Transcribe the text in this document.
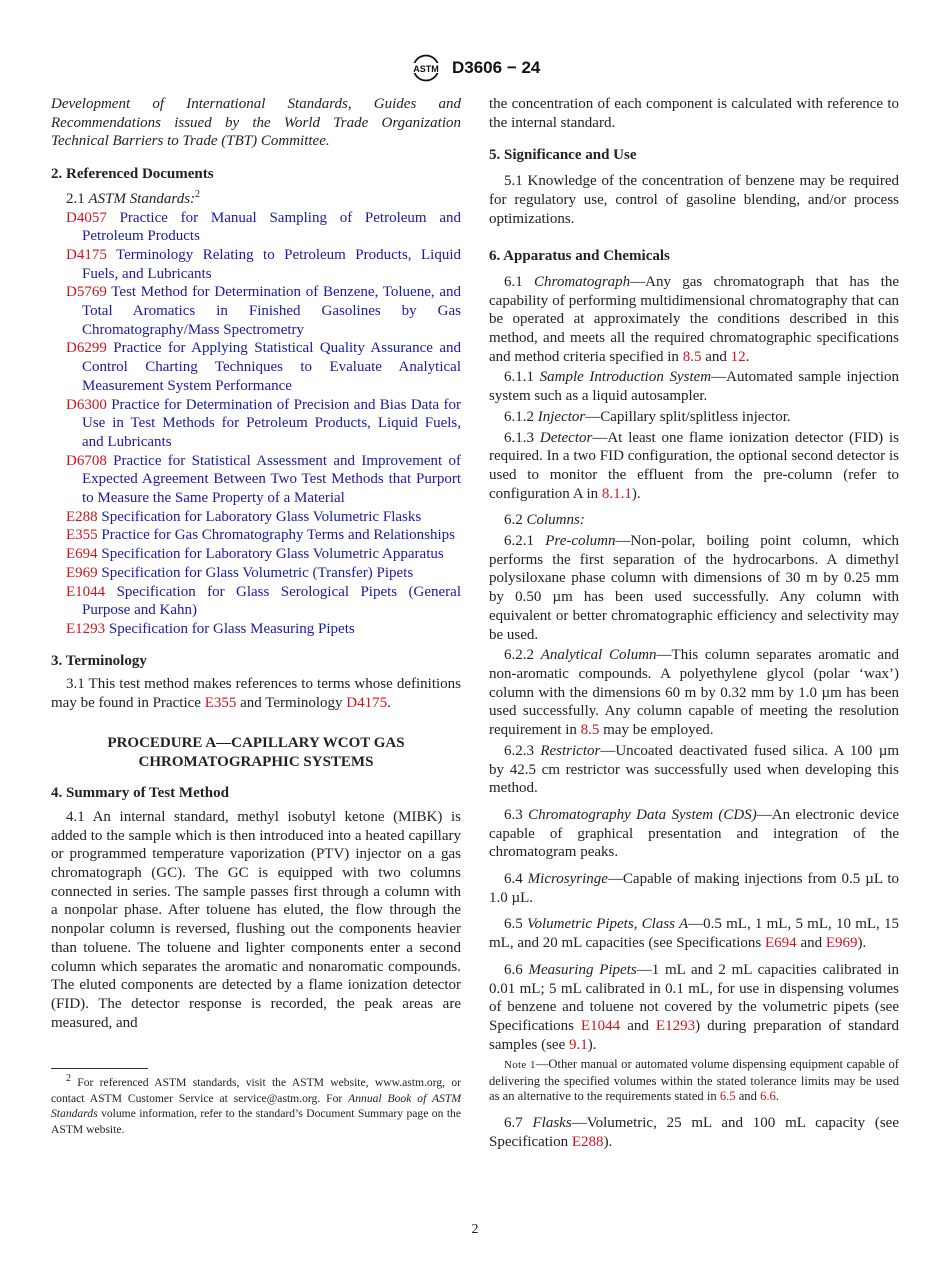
ASTM D3606 − 24

Development of International Standards, Guides and Recommendations issued by the World Trade Organization Technical Barriers to Trade (TBT) Committee.

2. Referenced Documents

2.1 ASTM Standards:$^2$

D4057 Practice for Manual Sampling of Petroleum and Petroleum Products

D4175 Terminology Relating to Petroleum Products, Liquid Fuels, and Lubricants

D5769 Test Method for Determination of Benzene, Toluene, and Total Aromatics in Finished Gasolines by Gas Chromatography/Mass Spectrometry

D6299 Practice for Applying Statistical Quality Assurance and Control Charting Techniques to Evaluate Analytical Measurement System Performance

D6300 Practice for Determination of Precision and Bias Data for Use in Test Methods for Petroleum Products, Liquid Fuels, and Lubricants

D6708 Practice for Statistical Assessment and Improvement of Expected Agreement Between Two Test Methods that Purport to Measure the Same Property of a Material

E288 Specification for Laboratory Glass Volumetric Flasks

E355 Practice for Gas Chromatography Terms and Relationships

E694 Specification for Laboratory Glass Volumetric Apparatus

E969 Specification for Glass Volumetric (Transfer) Pipets

E1044 Specification for Glass Serological Pipets (General Purpose and Kahn)

E1293 Specification for Glass Measuring Pipets

3. Terminology

3.1 This test method makes references to terms whose definitions may be found in Practice E355 and Terminology D4175.

PROCEDURE A—CAPILLARY WCOT GAS

CHROMATOGRAPHIC SYSTEMS

4. Summary of Test Method

4.1 An internal standard, methyl isobutyl ketone (MIBK) is added to the sample which is then introduced into a heated capillary or programmed temperature vaporization (PTV) injector on a gas chromatograph (GC). The GC is equipped with two columns connected in series. The sample passes first through a column with a nonpolar phase. After toluene has eluted, the flow through the nonpolar column is reversed, flushing out the components heavier than toluene. The toluene and lighter components enter a second column which separates the aromatic and nonaromatic compounds. The eluted components are detected by a flame ionization detector (FID). The detector response is recorded, the peak areas are measured, and

$^2$ For referenced ASTM standards, visit the ASTM website, www.astm.org, or contact ASTM Customer Service at service@astm.org. For Annual Book of ASTM Standards volume information, refer to the standard’s Document Summary page on the ASTM website.

the concentration of each component is calculated with reference to the internal standard.

5. Significance and Use

5.1 Knowledge of the concentration of benzene may be required for regulatory use, control of gasoline blending, and/or process optimizations.

6. Apparatus and Chemicals

6.1 Chromatograph—Any gas chromatograph that has the capability of performing multidimensional chromatography that can be operated at approximately the conditions described in this method, and meets all the required chromatographic specifications and method criteria specified in 8.5 and 12.

6.1.1 Sample Introduction System—Automated sample injection system such as a liquid autosampler.

6.1.2 Injector—Capillary split/splitless injector.

6.1.3 Detector—At least one flame ionization detector (FID) is required. In a two FID configuration, the optional second detector is used to monitor the effluent from the pre-column (refer to configuration A in 8.1.1).

6.2 Columns:

6.2.1 Pre-column—Non-polar, boiling point column, which performs the first separation of the hydrocarbons. A dimethyl polysiloxane phase column with dimensions of 30 m by 0.25 mm by 0.50 µm has been used successfully. Any column with equivalent or better chromatographic efficiency and selectivity may be used.

6.2.2 Analytical Column—This column separates aromatic and non-aromatic compounds. A polyethylene glycol (polar ‘wax’) column with the dimensions 60 m by 0.32 mm by 1.0 µm has been used successfully. Any column capable of meeting the resolution requirement in 8.5 may be employed.

6.2.3 Restrictor—Uncoated deactivated fused silica. A 100 µm by 42.5 cm restrictor was successfully used when developing this method.

6.3 Chromatography Data System (CDS)—An electronic device capable of graphical presentation and integration of the chromatogram peaks.

6.4 Microsyringe—Capable of making injections from 0.5 µL to 1.0 µL.

6.5 Volumetric Pipets, Class A—0.5 mL, 1 mL, 5 mL, 10 mL, 15 mL, and 20 mL capacities (see Specifications E694 and E969).

6.6 Measuring Pipets—1 mL and 2 mL capacities calibrated in 0.01 mL; 5 mL calibrated in 0.1 mL, for use in dispensing volumes of benzene and toluene not covered by the volumetric pipets (see Specifications E1044 and E1293) during preparation of standard samples (see 9.1).

Note 1—Other manual or automated volume dispensing equipment capable of delivering the specified volumes within the stated tolerance limits may be used as an alternative to the requirements stated in 6.5 and 6.6.

6.7 Flasks—Volumetric, 25 mL and 100 mL capacity (see Specification E288).

2
